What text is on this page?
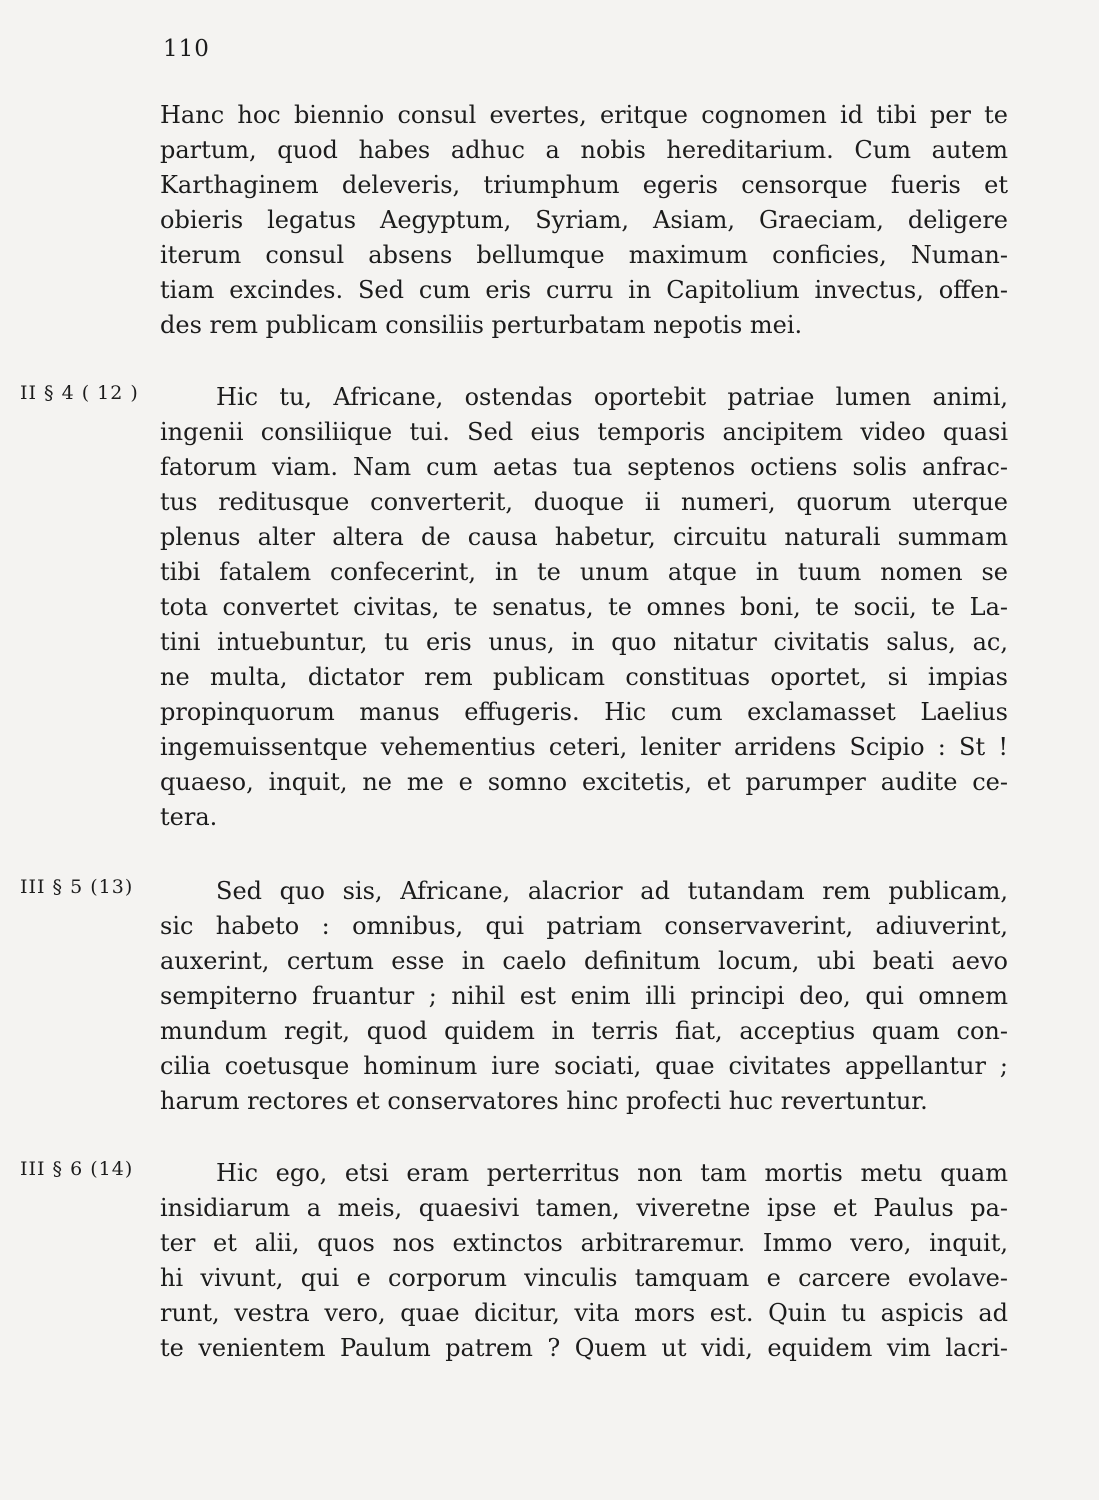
110
Hanc hoc biennio consul evertes, eritque cognomen id tibi per te
partum, quod habes adhuc a nobis hereditarium. Cum autem
Karthaginem deleveris, triumphum egeris censorque fueris et
obieris legatus Aegyptum, Syriam, Asiam, Graeciam, deligere
iterum consul absens bellumque maximum conficies, Numan-
tiam excindes. Sed cum eris curru in Capitolium invectus, offen-
des rem publicam consiliis perturbatam nepotis mei.
II § 4 ( 12 )	Hic tu, Africane, ostendas oportebit patriae lumen animi,
ingenii consiliique tui. Sed eius temporis ancipitem video quasi
fatorum viam. Nam cum aetas tua septenos octiens solis anfrac-
tus reditusque converterit, duoque ii numeri, quorum uterque
plenus alter altera de causa habetur, circuitu naturali summam
tibi fatalem confecerint, in te unum atque in tuum nomen se
tota convertet civitas, te senatus, te omnes boni, te socii, te La-
tini intuebuntur, tu eris unus, in quo nitatur civitatis salus, ac,
ne multa, dictator rem publicam constituas oportet, si impias
propinquorum manus effugeris. Hic cum exclamasset Laelius
ingemuissentque vehementius ceteri, leniter arridens Scipio : St !
quaeso, inquit, ne me e somno excitetis, et parumper audite ce-
tera.
III § 5 (13)	Sed quo sis, Africane, alacrior ad tutandam rem publicam,
sic habeto : omnibus, qui patriam conservaverint, adiuverint,
auxerint, certum esse in caelo definitum locum, ubi beati aevo
sempiterno fruantur ; nihil est enim illi principi deo, qui omnem
mundum regit, quod quidem in terris fiat, acceptius quam con-
cilia coetusque hominum iure sociati, quae civitates appellantur ;
harum rectores et conservatores hinc profecti huc revertuntur.
III § 6 (14)	Hic ego, etsi eram perterritus non tam mortis metu quam
insidiarum a meis, quaesivi tamen, viveretne ipse et Paulus pa-
ter et alii, quos nos extinctos arbitraremur. Immo vero, inquit,
hi vivunt, qui e corporum vinculis tamquam e carcere evolave-
runt, vestra vero, quae dicitur, vita mors est. Quin tu aspicis ad
te venientem Paulum patrem ? Quem ut vidi, equidem vim lacri-
